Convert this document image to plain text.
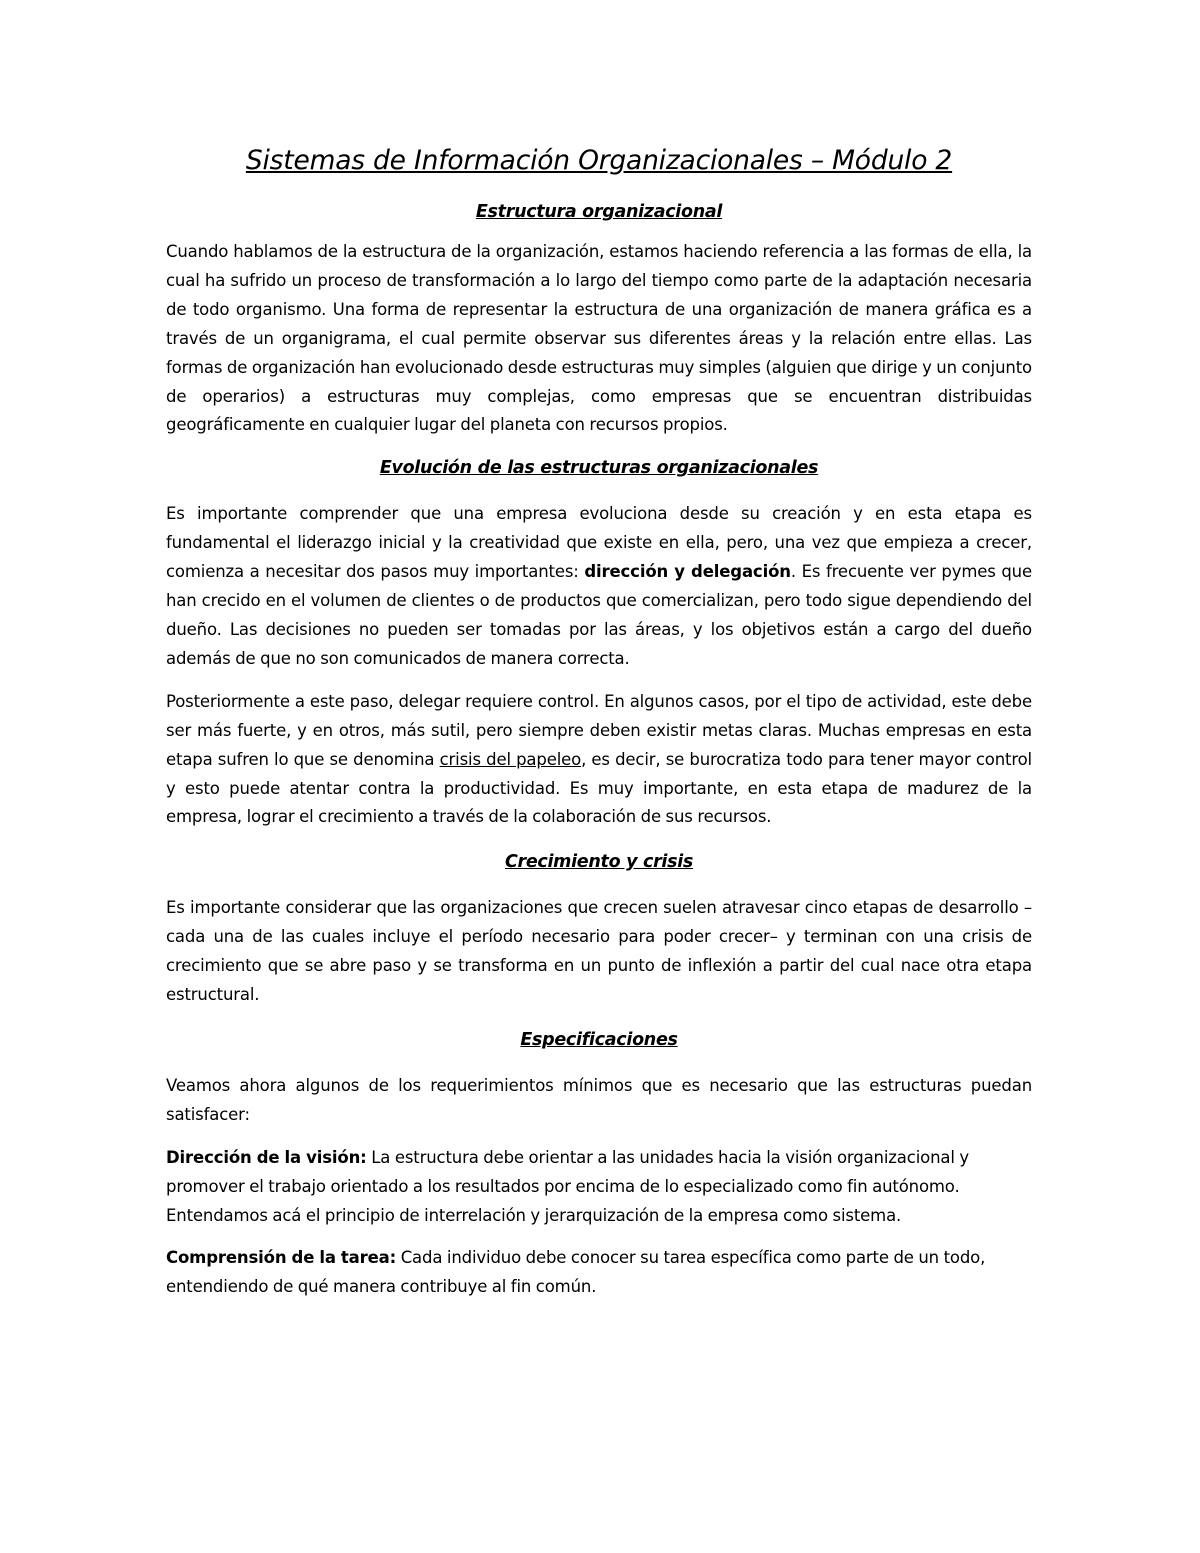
Sistemas de Información Organizacionales – Módulo 2
Estructura organizacional

Cuando hablamos de la estructura de la organización, estamos haciendo referencia a las formas de ella, la cual ha sufrido un proceso de transformación a lo largo del tiempo como parte de la adaptación necesaria de todo organismo. Una forma de representar la estructura de una organización de manera gráfica es a través de un organigrama, el cual permite observar sus diferentes áreas y la relación entre ellas. Las formas de organización han evolucionado desde estructuras muy simples (alguien que dirige y un conjunto de operarios) a estructuras muy complejas, como empresas que se encuentran distribuidas geográficamente en cualquier lugar del planeta con recursos propios.

Evolución de las estructuras organizacionales

Es importante comprender que una empresa evoluciona desde su creación y en esta etapa es fundamental el liderazgo inicial y la creatividad que existe en ella, pero, una vez que empieza a crecer, comienza a necesitar dos pasos muy importantes: dirección y delegación. Es frecuente ver pymes que han crecido en el volumen de clientes o de productos que comercializan, pero todo sigue dependiendo del dueño. Las decisiones no pueden ser tomadas por las áreas, y los objetivos están a cargo del dueño además de que no son comunicados de manera correcta.

Posteriormente a este paso, delegar requiere control. En algunos casos, por el tipo de actividad, este debe ser más fuerte, y en otros, más sutil, pero siempre deben existir metas claras. Muchas empresas en esta etapa sufren lo que se denomina crisis del papeleo, es decir, se burocratiza todo para tener mayor control y esto puede atentar contra la productividad. Es muy importante, en esta etapa de madurez de la empresa, lograr el crecimiento a través de la colaboración de sus recursos.

Crecimiento y crisis

Es importante considerar que las organizaciones que crecen suelen atravesar cinco etapas de desarrollo –cada una de las cuales incluye el período necesario para poder crecer– y terminan con una crisis de crecimiento que se abre paso y se transforma en un punto de inflexión a partir del cual nace otra etapa estructural.

Especificaciones

Veamos ahora algunos de los requerimientos mínimos que es necesario que las estructuras puedan satisfacer:

Dirección de la visión: La estructura debe orientar a las unidades hacia la visión organizacional y promover el trabajo orientado a los resultados por encima de lo especializado como fin autónomo. Entendamos acá el principio de interrelación y jerarquización de la empresa como sistema.

Comprensión de la tarea: Cada individuo debe conocer su tarea específica como parte de un todo, entendiendo de qué manera contribuye al fin común.
